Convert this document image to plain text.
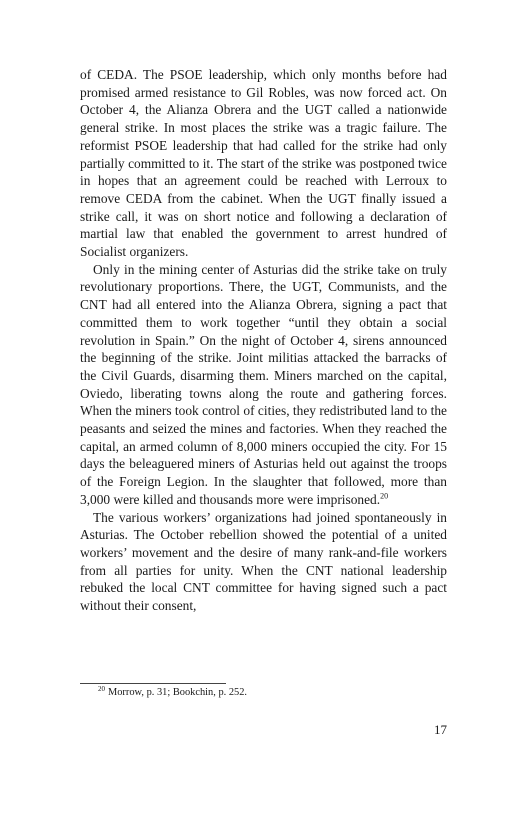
of CEDA. The PSOE leadership, which only months before had promised armed resistance to Gil Robles, was now forced act. On October 4, the Alianza Obrera and the UGT called a nationwide general strike. In most places the strike was a tragic failure. The reformist PSOE leadership that had called for the strike had only partially committed to it. The start of the strike was postponed twice in hopes that an agreement could be reached with Lerroux to remove CEDA from the cabinet. When the UGT finally issued a strike call, it was on short notice and following a declaration of martial law that enabled the government to arrest hundred of Socialist organizers.

Only in the mining center of Asturias did the strike take on truly revolutionary proportions. There, the UGT, Communists, and the CNT had all entered into the Alianza Obrera, signing a pact that committed them to work together “until they obtain a social revolution in Spain.” On the night of October 4, sirens announced the beginning of the strike. Joint militias attacked the barracks of the Civil Guards, disarming them. Miners marched on the capital, Oviedo, liberating towns along the route and gathering forces. When the miners took control of cities, they redistributed land to the peasants and seized the mines and factories. When they reached the capital, an armed column of 8,000 miners occupied the city. For 15 days the beleaguered miners of Asturias held out against the troops of the Foreign Legion. In the slaughter that followed, more than 3,000 were killed and thousands more were imprisoned.$^{20}$

The various workers’ organizations had joined spontaneously in Asturias. The October rebellion showed the potential of a united workers’ movement and the desire of many rank-and-file workers from all parties for unity. When the CNT national leadership rebuked the local CNT committee for having signed such a pact without their consent,

$^{20}$ Morrow, p. 31; Bookchin, p. 252.
17
